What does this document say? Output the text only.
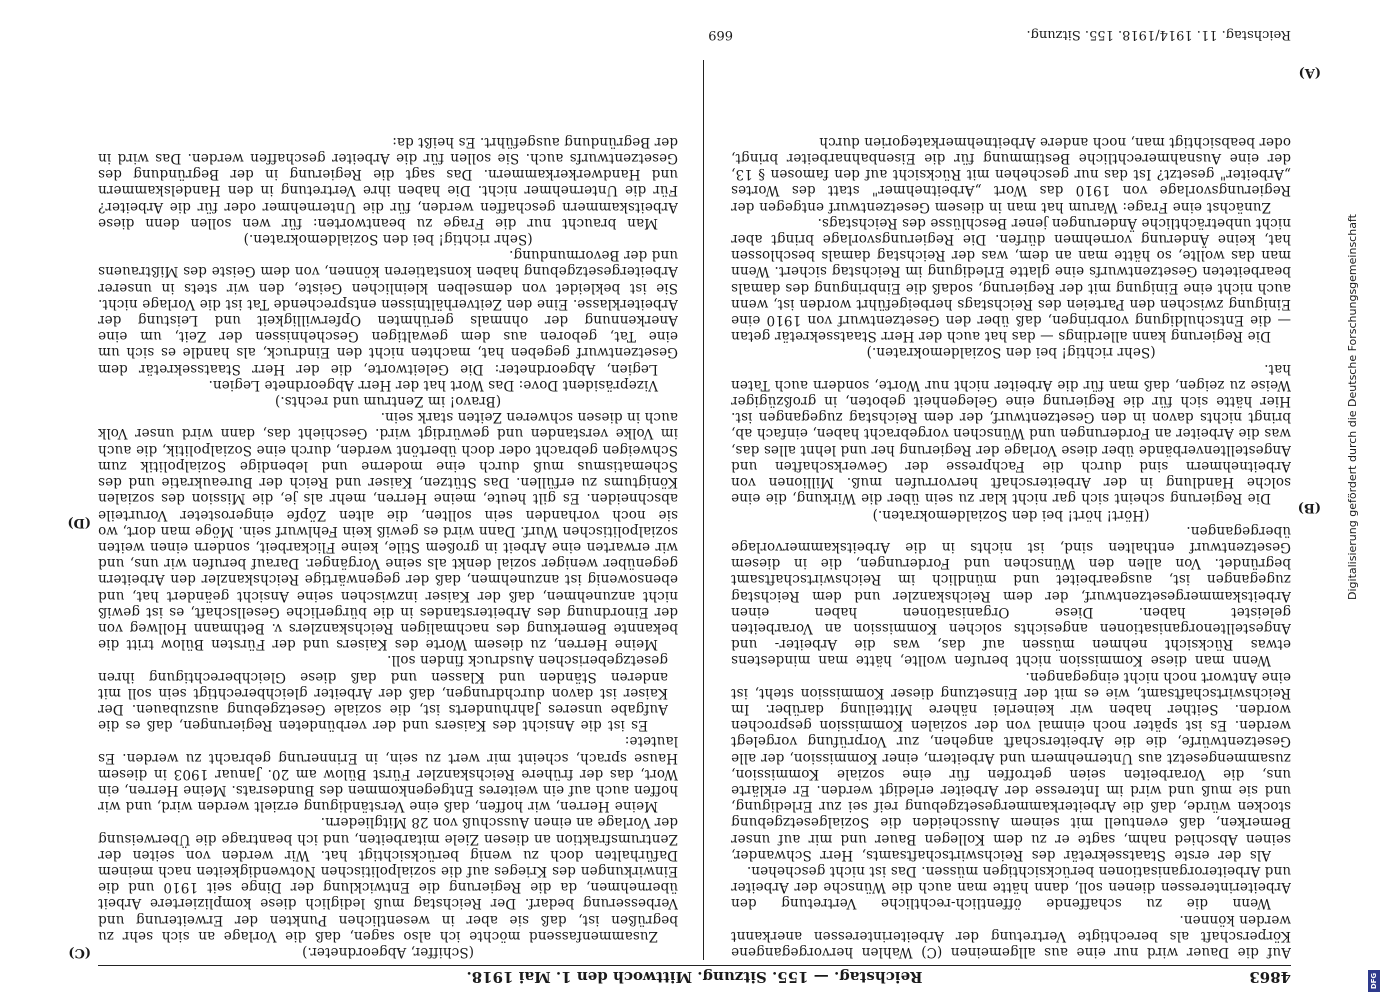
4863
Reichstag. — 155. Sitzung. Mittwoch den 1. Mai 1918.
(C)
(D)
(A)
(B)

(Schiffer, Abgeordneter.)

Zusammenfassend möchte ich also sagen, daß die Vorlage an sich sehr zu begrüßen ist, daß sie aber in wesentlichen Punkten der Erweiterung und Verbesserung bedarf. Der Reichstag muß lediglich diese kompliziertere Arbeit übernehmen, da die Regierung die Entwicklung der Dinge seit 1910 und die Einwirkungen des Krieges auf die sozialpolitischen Notwendigkeiten nach meinem Dafürhalten doch zu wenig berücksichtigt hat. Wir werden von seiten der Zentrumsfraktion an diesen Ziele mitarbeiten, und ich beantrage die Überweisung der Vorlage an einen Ausschuß von 28 Mitgliedern.

Meine Herren, wir hoffen, daß eine Verständigung erzielt werden wird, und wir hoffen auch auf ein weiteres Entgegenkommen des Bundesrats. Meine Herren, ein Wort, das der frühere Reichskanzler Fürst Bülow am 20. Januar 1903 in diesem Hause sprach, scheint mir wert zu sein, in Erinnerung gebracht zu werden. Es lautete:

Es ist die Ansicht des Kaisers und der verbündeten Regierungen, daß es die Aufgabe unseres Jahrhunderts ist, die soziale Gesetzgebung auszubauen. Der Kaiser ist davon durchdrungen, daß der Arbeiter gleichberechtigt sein soll mit anderen Ständen und Klassen und daß diese Gleichberechtigung ihren gesetzgeberischen Ausdruck finden soll.

Meine Herren, zu diesem Worte des Kaisers und der Fürsten Bülow tritt die bekannte Bemerkung des nachmaligen Reichskanzlers v. Bethmann Hollweg von der Einordnung des Arbeiterstandes in die bürgerliche Gesellschaft, es ist gewiß nicht anzunehmen, daß der Kaiser inzwischen seine Ansicht geändert hat, und ebensowenig ist anzunehmen, daß der gegenwärtige Reichskanzler den Arbeitern gegenüber weniger sozial denkt als seine Vorgänger. Darauf berufen wir uns, und wir erwarten eine Arbeit in großem Stile, keine Flickarbeit, sondern einen weiten sozialpolitischen Wurf. Dann wird es gewiß kein Fehlwurf sein. Möge man dort, wo sie noch vorhanden sein sollten, die alten Zöpfe eingerosteter Vorurteile abschneiden. Es gilt heute, meine Herren, mehr als je, die Mission des sozialen Königtums zu erfüllen. Das Stützen, Kaiser und Reich der Bureaukratie und des Schematismus muß durch eine moderne und lebendige Sozialpolitik zum Schweigen gebracht oder doch übertönt werden, durch eine Sozialpolitik, die auch im Volke verstanden und gewürdigt wird. Geschieht das, dann wird unser Volk auch in diesen schweren Zeiten stark sein.

(Bravo! im Zentrum und rechts.)

Vizepräsident Dove: Das Wort hat der Herr Abgeordnete Legien.

Legien, Abgeordneter: Die Geleitworte, die der Herr Staatssekretär dem Gesetzentwurf gegeben hat, machten nicht den Eindruck, als handle es sich um eine Tat, geboren aus dem gewaltigen Geschehnissen der Zeit, um eine Anerkennung der ohnmals gerühmten Opferwilligkeit und Leistung der Arbeiterklasse. Eine den Zeitverhältnissen entsprechende Tat ist die Vorlage nicht. Sie ist bekleidet von demselben kleinlichen Geiste, den wir stets in unserer Arbeitergesetzgebung haben konstatieren können, von dem Geiste des Mißtrauens und der Bevormundung.

(Sehr richtig! bei den Sozialdemokraten.)

Man braucht nur die Frage zu beantworten: für wen sollen denn diese Arbeitskammern geschaffen werden, für die Unternehmer oder für die Arbeiter? Für die Unternehmer nicht. Die haben ihre Vertretung in den Handelskammern und Handwerkerkammern. Das sagt die Regierung in der Begründung des Gesetzentwurfs auch. Sie sollen für die Arbeiter geschaffen werden. Das wird in der Begründung ausgeführt. Es heißt da:

Auf die Dauer wird nur eine aus allgemeinen (C) Wahlen hervorgegangene Körperschaft als berechtigte Vertretung der Arbeiterinteressen anerkannt werden können.

Wenn die zu schaffende öffentlich-rechtliche Vertretung den Arbeiterinteressen dienen soll, dann hätte man auch die Wünsche der Arbeiter und Arbeiterorganisationen berücksichtigen müssen. Das ist nicht geschehen.

Als der erste Staatssekretär des Reichswirtschaftsamts, Herr Schwander, seinen Abschied nahm, sagte er zu dem Kollegen Bauer und mir auf unser Bemerken, daß eventuell mit seinem Ausscheiden die Sozialgesetzgebung stocken würde, daß die Arbeiterkammergesetzgebung reif sei zur Erledigung, und sie muß und wird im Interesse der Arbeiter erledigt werden. Er erklärte uns, die Vorarbeiten seien getroffen für eine soziale Kommission, zusammengesetzt aus Unternehmern und Arbeitern, einer Kommission, der alle Gesetzentwürfe, die die Arbeiterschaft angehen, zur Vorprüfung vorgelegt werden. Es ist später noch einmal von der sozialen Kommission gesprochen worden. Seither haben wir keinerlei nähere Mitteilung darüber. Im Reichswirtschaftsamt, wie es mit der Einsetzung dieser Kommission steht, ist eine Antwort noch nicht eingegangen.

Wenn man diese Kommission nicht berufen wollte, hätte man mindestens etwas Rücksicht nehmen müssen auf das, was die Arbeiter- und Angestelltenorganisationen angesichts solchen Kommission an Vorarbeiten geleistet haben. Diese Organisationen haben einen Arbeitskammergesetzentwurf, der dem Reichskanzler und dem Reichstag zugegangen ist, ausgearbeitet und mündlich im Reichswirtschaftsamt begründet. Von allen den Wünschen und Forderungen, die in diesem Gesetzentwurf enthalten sind, ist nichts in die Arbeitskammervorlage übergegangen.

(Hört! hört! bei den Sozialdemokraten.)

Die Regierung scheint sich gar nicht klar zu sein über die Wirkung, die eine solche Handlung in der Arbeiterschaft hervorrufen muß. Millionen von Arbeitnehmern sind durch die Fachpresse der Gewerkschaften und Angestelltenverbände über diese Vorlage der Regierung her und lehnt alles das, was die Arbeiter an Forderungen und Wünschen vorgebracht haben, einfach ab, bringt nichts davon in den Gesetzentwurf, der dem Reichstag zugegangen ist. Hier hätte sich für die Regierung eine Gelegenheit geboten, in großzügiger Weise zu zeigen, daß man für die Arbeiter nicht nur Worte, sondern auch Taten hat.

(Sehr richtig! bei den Sozialdemokraten.)

Die Regierung kann allerdings — das hat auch der Herr Staatssekretär getan — die Entschuldigung vorbringen, daß über den Gesetzentwurf von 1910 eine Einigung zwischen den Parteien des Reichstags herbeigeführt worden ist, wenn auch nicht eine Einigung mit der Regierung, sodaß die Einbringung des damals bearbeiteten Gesetzentwurfs eine glatte Erledigung im Reichstag sichert. Wenn man das wollte, so hätte man an dem, was der Reichstag damals beschlossen hat, keine Änderung vornehmen dürfen. Die Regierungsvorlage bringt aber nicht unbeträchtliche Änderungen jener Beschlüsse des Reichstags.

Zunächst eine Frage: Warum hat man in diesem Gesetzentwurf entgegen der Regierungsvorlage von 1910 das Wort „Arbeitnehmer" statt des Wortes „Arbeiter" gesetzt? Ist das nur geschehen mit Rücksicht auf den famosen § 13, der eine Ausnahmerechtliche Bestimmung für die Eisenbahnarbeiter bringt, oder beabsichtigt man, noch andere Arbeitnehmerkategorien durch

Reichstag. 11. 1914/1918. 155. Sitzung.
669
Digitalisierung gefördert durch die Deutsche Forschungsgemeinschaft
DFG
